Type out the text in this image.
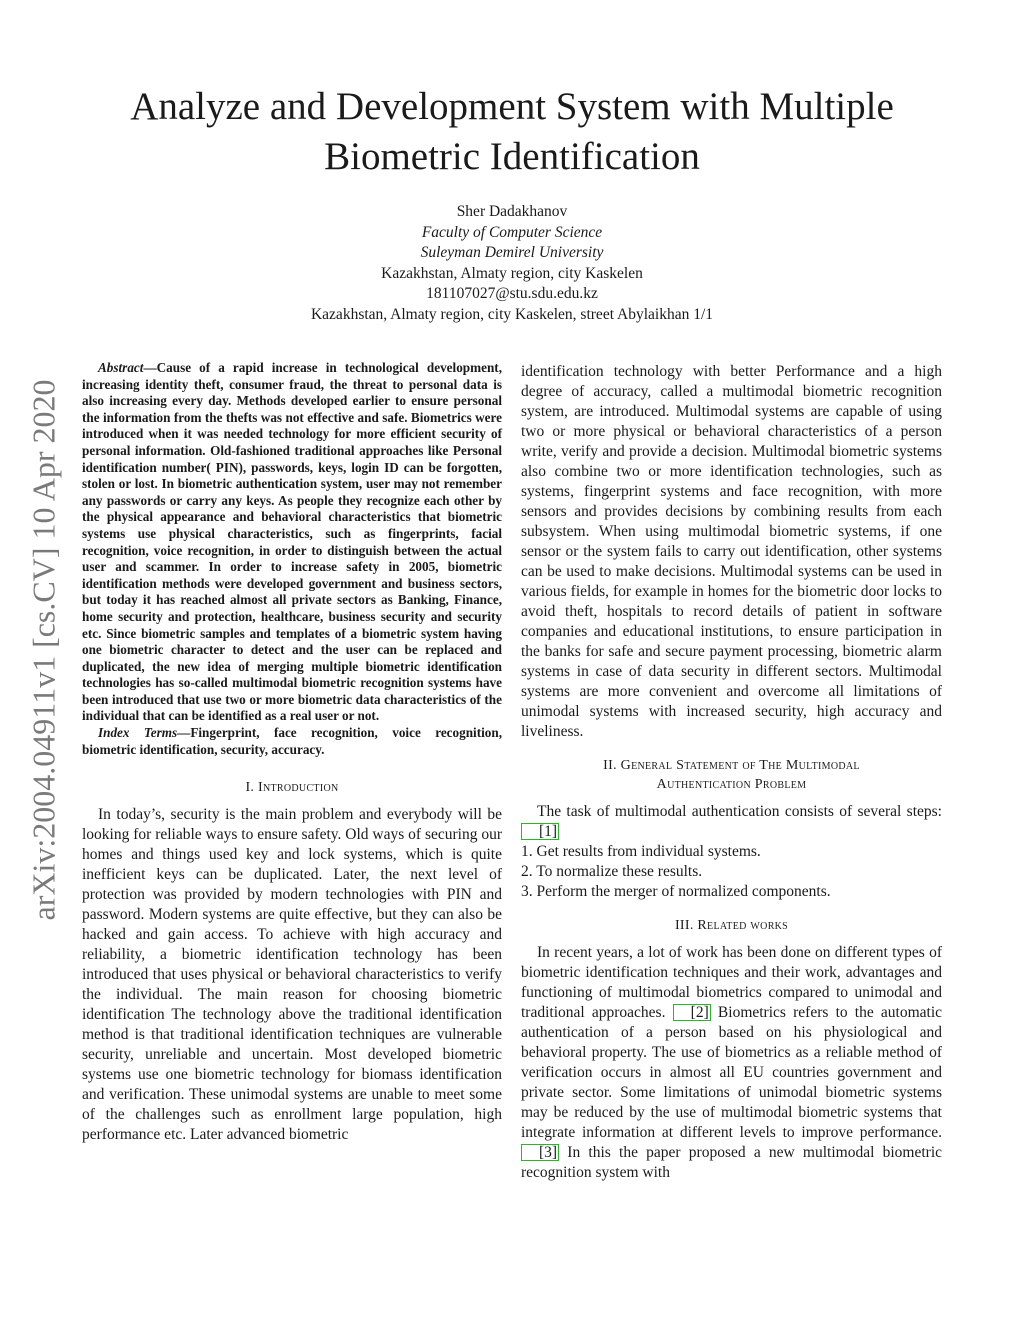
Analyze and Development System with Multiple
Biometric Identification
Sher Dadakhanov
Faculty of Computer Science
Suleyman Demirel University
Kazakhstan, Almaty region, city Kaskelen
181107027@stu.sdu.edu.kz
Kazakhstan, Almaty region, city Kaskelen, street Abylaikhan 1/1
arXiv:2004.04911v1 [cs.CV] 10 Apr 2020

Abstract—Cause of a rapid increase in technological development, increasing identity theft, consumer fraud, the threat to personal data is also increasing every day. Methods developed earlier to ensure personal the information from the thefts was not effective and safe. Biometrics were introduced when it was needed technology for more efficient security of personal information. Old-fashioned traditional approaches like Personal identification number( PIN), passwords, keys, login ID can be forgotten, stolen or lost. In biometric authentication system, user may not remember any passwords or carry any keys. As people they recognize each other by the physical appearance and behavioral characteristics that biometric systems use physical characteristics, such as fingerprints, facial recognition, voice recognition, in order to distinguish between the actual user and scammer. In order to increase safety in 2005, biometric identification methods were developed government and business sectors, but today it has reached almost all private sectors as Banking, Finance, home security and protection, healthcare, business security and security etc. Since biometric samples and templates of a biometric system having one biometric character to detect and the user can be replaced and duplicated, the new idea of merging multiple biometric identification technologies has so-called multimodal biometric recognition systems have been introduced that use two or more biometric data characteristics of the individual that can be identified as a real user or not.

Index Terms—Fingerprint, face recognition, voice recognition, biometric identification, security, accuracy.

I. Introduction

In today’s, security is the main problem and everybody will be looking for reliable ways to ensure safety. Old ways of securing our homes and things used key and lock systems, which is quite inefficient keys can be duplicated. Later, the next level of protection was provided by modern technologies with PIN and password. Modern systems are quite effective, but they can also be hacked and gain access. To achieve with high accuracy and reliability, a biometric identification technology has been introduced that uses physical or behavioral characteristics to verify the individual. The main reason for choosing biometric identification The technology above the traditional identification method is that traditional identification techniques are vulnerable security, unreliable and uncertain. Most developed biometric systems use one biometric technology for biomass identification and verification. These unimodal systems are unable to meet some of the challenges such as enrollment large population, high performance etc. Later advanced biometric

identification technology with better Performance and a high degree of accuracy, called a multimodal biometric recognition system, are introduced. Multimodal systems are capable of using two or more physical or behavioral characteristics of a person write, verify and provide a decision. Multimodal biometric systems also combine two or more identification technologies, such as systems, fingerprint systems and face recognition, with more sensors and provides decisions by combining results from each subsystem. When using multimodal biometric systems, if one sensor or the system fails to carry out identification, other systems can be used to make decisions. Multimodal systems can be used in various fields, for example in homes for the biometric door locks to avoid theft, hospitals to record details of patient in software companies and educational institutions, to ensure participation in the banks for safe and secure payment processing, biometric alarm systems in case of data security in different sectors. Multimodal systems are more convenient and overcome all limitations of unimodal systems with increased security, high accuracy and liveliness.

II. General Statement of The Multimodal
Authentication Problem

The task of multimodal authentication consists of several steps: [1]

1. Get results from individual systems.
2. To normalize these results.
3. Perform the merger of normalized components.
III. Related works

In recent years, a lot of work has been done on different types of biometric identification techniques and their work, advantages and functioning of multimodal biometrics compared to unimodal and traditional approaches. [2] Biometrics refers to the automatic authentication of a person based on his physiological and behavioral property. The use of biometrics as a reliable method of verification occurs in almost all EU countries government and private sector. Some limitations of unimodal biometric systems may be reduced by the use of multimodal biometric systems that integrate information at different levels to improve performance. [3] In this the paper proposed a new multimodal biometric recognition system with
